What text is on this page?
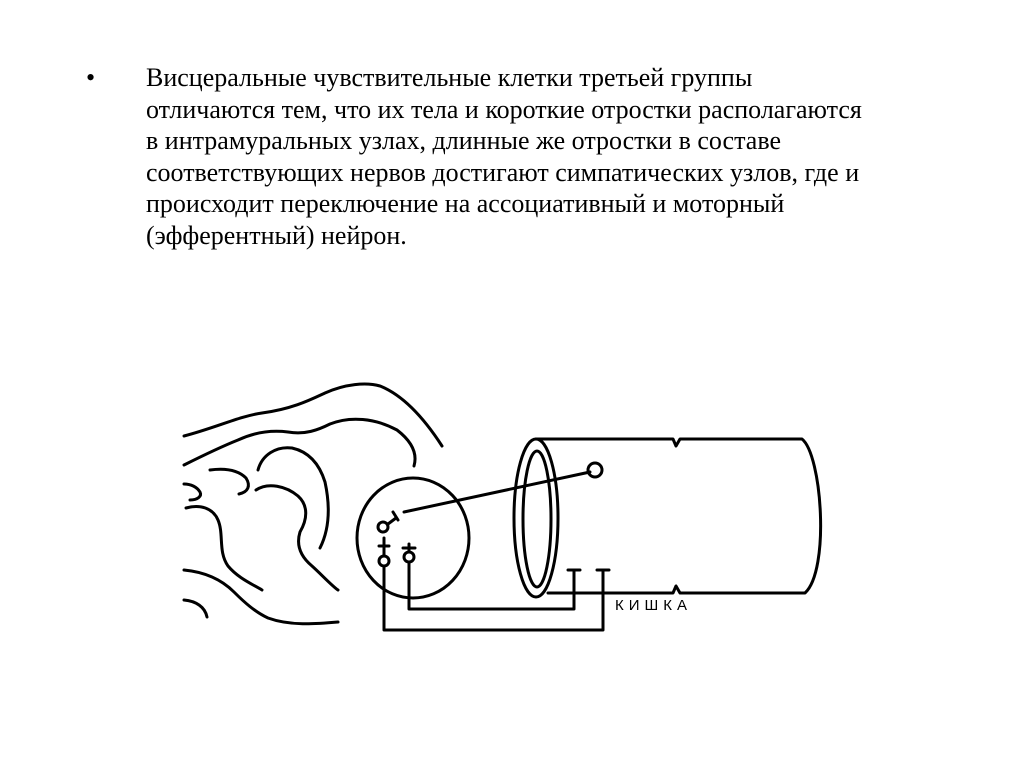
• Висцеральные чувствительные клетки третьей группы
отличаются тем, что их тела и короткие отростки располагаются
в интрамуральных узлах, длинные же отростки в составе
соответствующих нервов достигают симпатических узлов, где и
происходит переключение на ассоциативный и моторный
(эфферентный) нейрон.
КИШКА
